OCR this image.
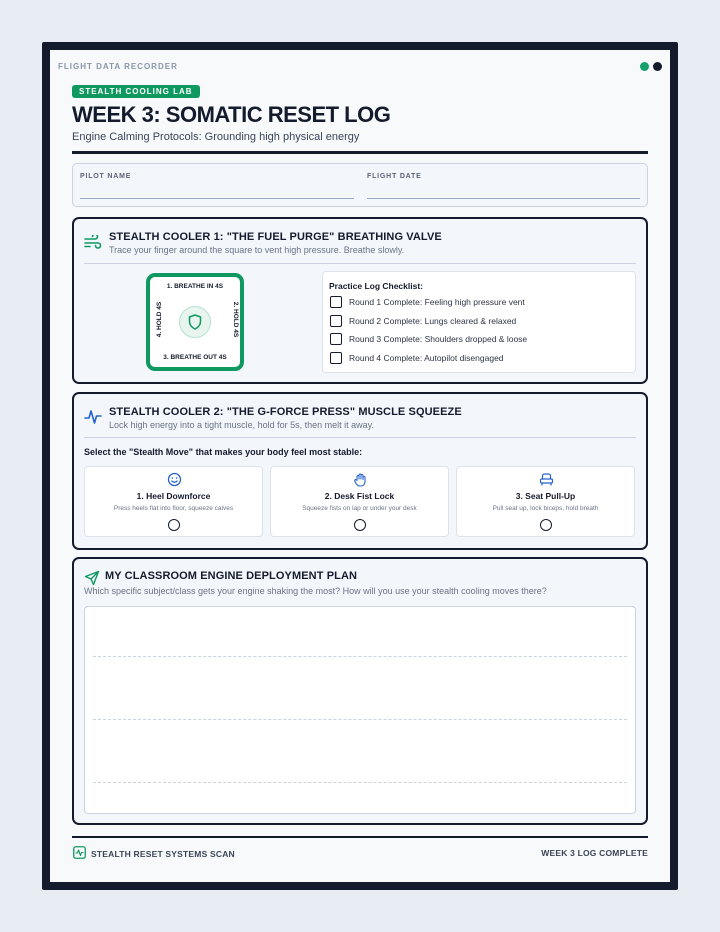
FLIGHT DATA RECORDER
STEALTH COOLING LAB
WEEK 3: SOMATIC RESET LOG
Engine Calming Protocols: Grounding high physical energy
PILOT NAME	FLIGHT DATE
STEALTH COOLER 1: "THE FUEL PURGE" BREATHING VALVE
Trace your finger around the square to vent high pressure. Breathe slowly.
1. BREATHE IN 4S
2. HOLD 4S
3. BREATHE OUT 4S
4. HOLD 4S
Practice Log Checklist:
Round 1 Complete: Feeling high pressure vent
Round 2 Complete: Lungs cleared & relaxed
Round 3 Complete: Shoulders dropped & loose
Round 4 Complete: Autopilot disengaged
STEALTH COOLER 2: "THE G-FORCE PRESS" MUSCLE SQUEEZE
Lock high energy into a tight muscle, hold for 5s, then melt it away.
Select the "Stealth Move" that makes your body feel most stable:
1. Heel Downforce
Press heels flat into floor, squeeze calves
2. Desk Fist Lock
Squeeze fists on lap or under your desk
3. Seat Pull-Up
Pull seat up, lock biceps, hold breath
MY CLASSROOM ENGINE DEPLOYMENT PLAN
Which specific subject/class gets your engine shaking the most? How will you use your stealth cooling moves there?
STEALTH RESET SYSTEMS SCAN	WEEK 3 LOG COMPLETE
